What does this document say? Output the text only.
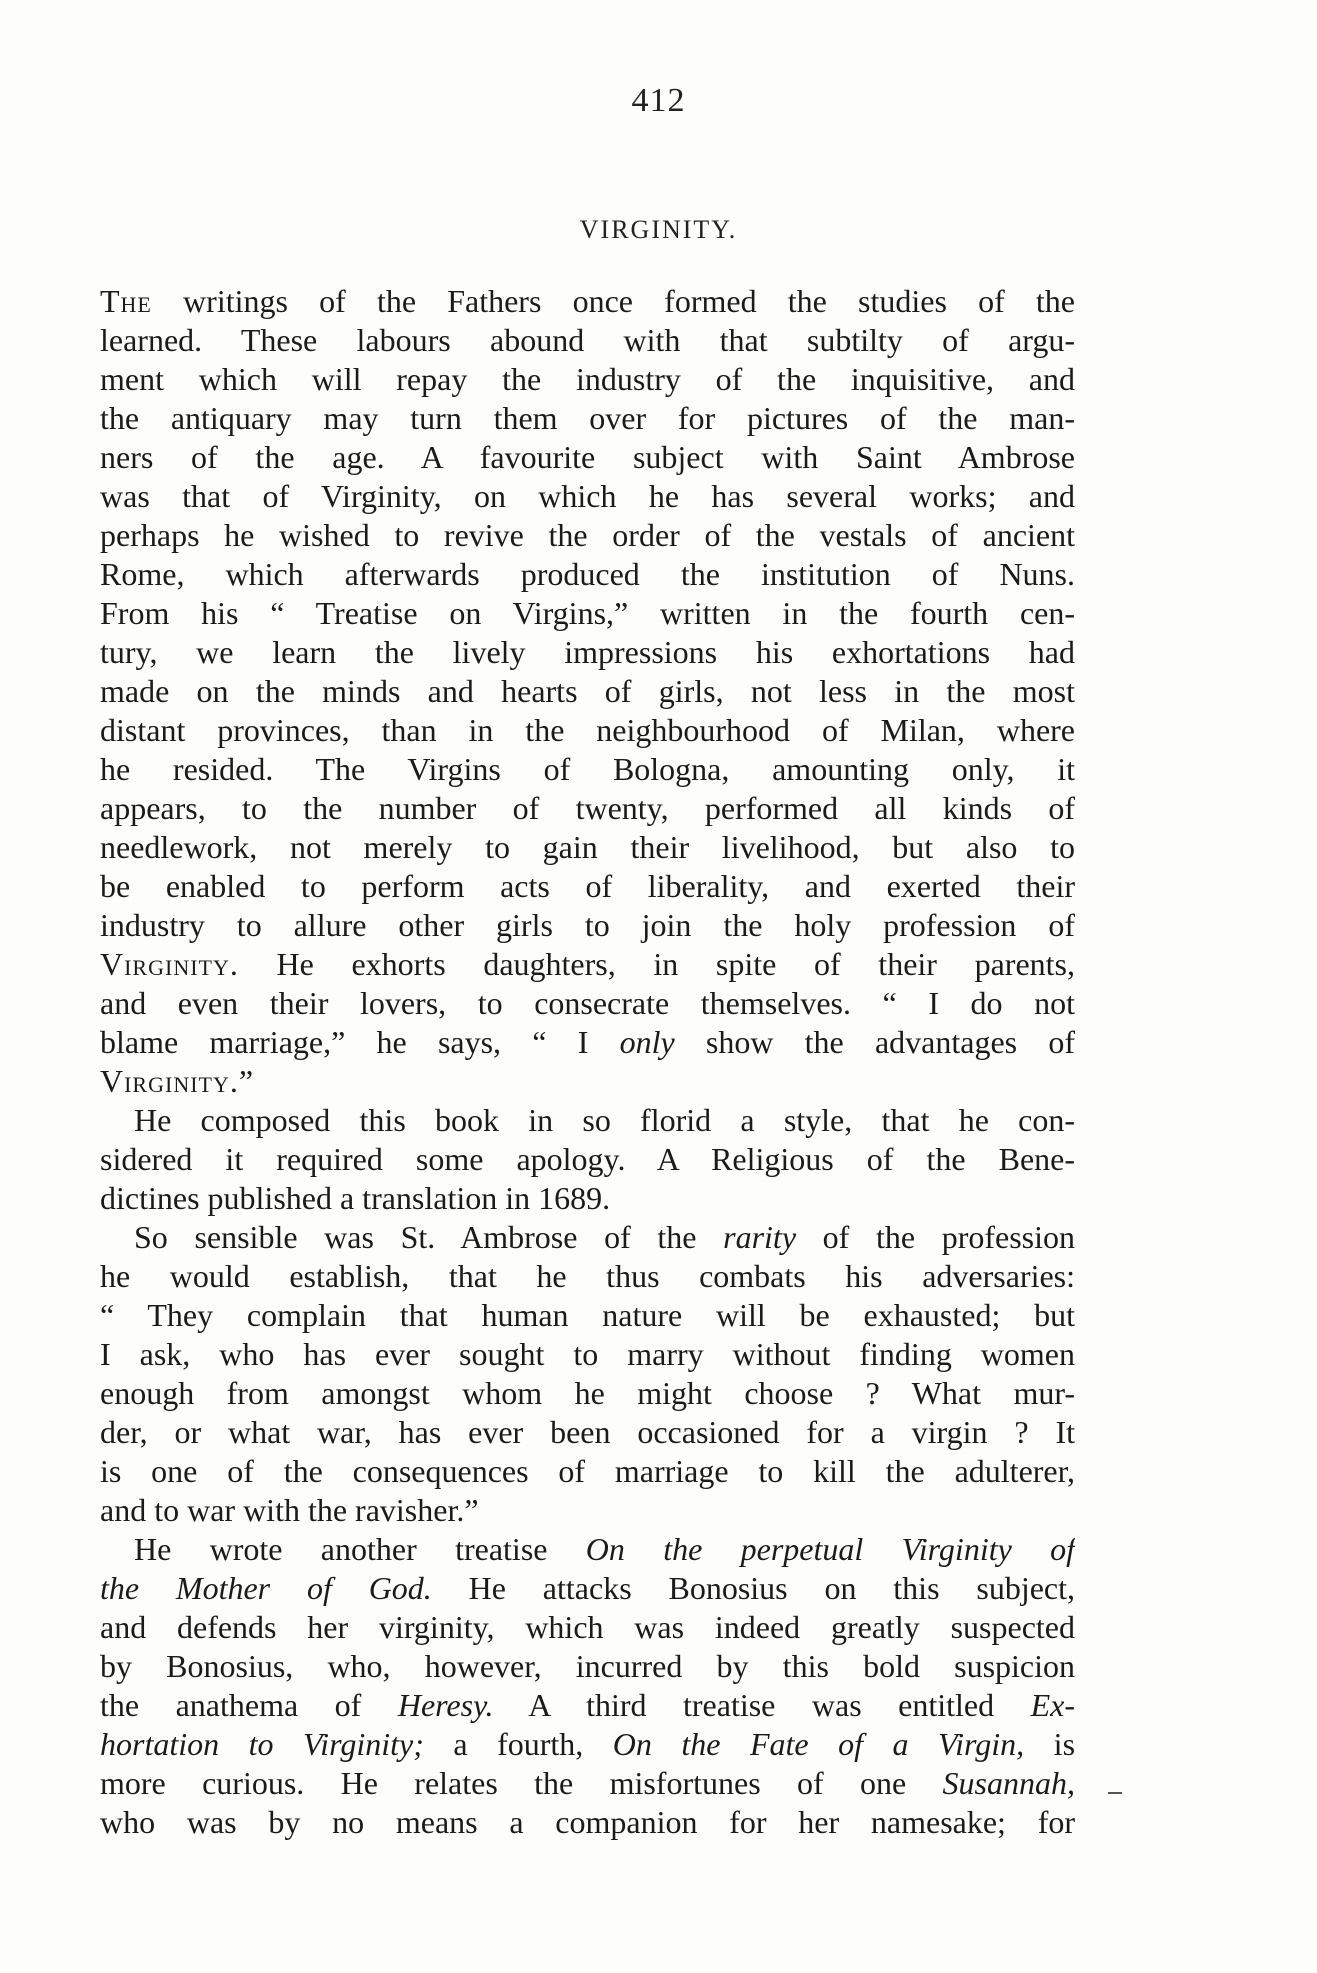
412
VIRGINITY.
The writings of the Fathers once formed the studies of the
learned. These labours abound with that subtilty of argu-
ment which will repay the industry of the inquisitive, and
the antiquary may turn them over for pictures of the man-
ners of the age. A favourite subject with Saint Ambrose
was that of Virginity, on which he has several works; and
perhaps he wished to revive the order of the vestals of ancient
Rome, which afterwards produced the institution of Nuns.
From his “ Treatise on Virgins,” written in the fourth cen-
tury, we learn the lively impressions his exhortations had
made on the minds and hearts of girls, not less in the most
distant provinces, than in the neighbourhood of Milan, where
he resided. The Virgins of Bologna, amounting only, it
appears, to the number of twenty, performed all kinds of
needlework, not merely to gain their livelihood, but also to
be enabled to perform acts of liberality, and exerted their
industry to allure other girls to join the holy profession of
Virginity. He exhorts daughters, in spite of their parents,
and even their lovers, to consecrate themselves. “ I do not
blame marriage,” he says, “ I only show the advantages of
Virginity.”
He composed this book in so florid a style, that he con-
sidered it required some apology. A Religious of the Bene-
dictines published a translation in 1689.
So sensible was St. Ambrose of the rarity of the profession
he would establish, that he thus combats his adversaries:
“ They complain that human nature will be exhausted; but
I ask, who has ever sought to marry without finding women
enough from amongst whom he might choose ? What mur-
der, or what war, has ever been occasioned for a virgin ? It
is one of the consequences of marriage to kill the adulterer,
and to war with the ravisher.”
He wrote another treatise On the perpetual Virginity of
the Mother of God. He attacks Bonosius on this subject,
and defends her virginity, which was indeed greatly suspected
by Bonosius, who, however, incurred by this bold suspicion
the anathema of Heresy. A third treatise was entitled Ex-
hortation to Virginity; a fourth, On the Fate of a Virgin, is
more curious. He relates the misfortunes of one Susannah,
who was by no means a companion for her namesake; for
